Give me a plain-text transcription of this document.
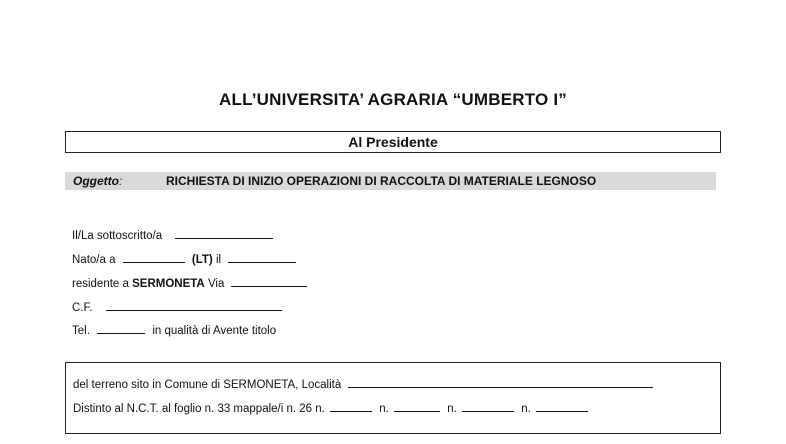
ALL’UNIVERSITA’ AGRARIA “UMBERTO I”
Al Presidente
Oggetto:	RICHIESTA DI INIZIO OPERAZIONI DI RACCOLTA DI MATERIALE LEGNOSO
Il/La sottoscritto/a
Nato/a a	(LT) il
residente a SERMONETA Via
C.F.
Tel.	in qualità di Avente titolo
del terreno sito in Comune di SERMONETA, Località
Distinto al N.C.T. al foglio n. 33 mappale/i n. 26 n.	n.	n.	n.
